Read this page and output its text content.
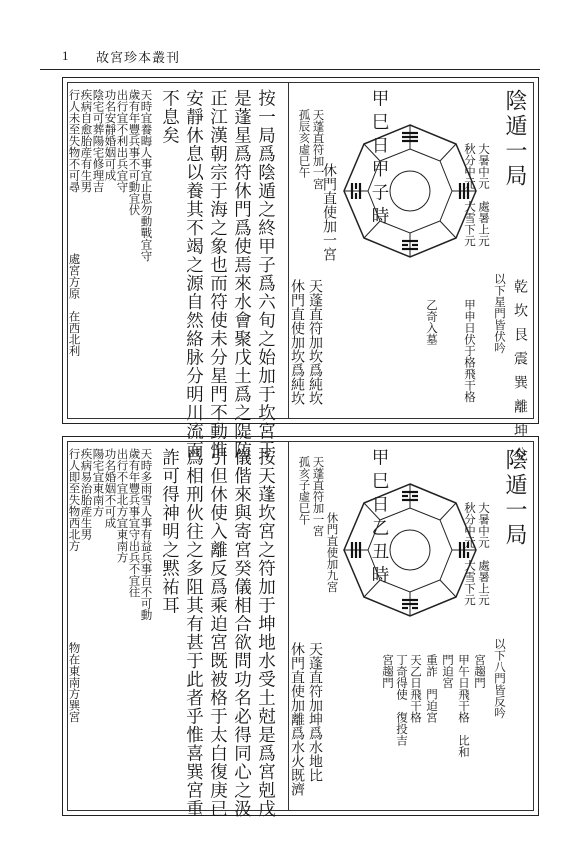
1 故宮珍本叢刊
陰遁一局
大暑中元　處暑上元
秋分中元　大雪下元
甲巳日甲子時
孤辰亥虛巳午 天蓬直符加一宮
休門直使加一宮
乾坎艮震巽離坤兌
以下星門皆伏吟
甲申日伏于格飛干格
乙奇入墓
天蓬直符加坎爲純坎
休門直使加坎爲純坎
按一局爲陰遁之終甲子爲六旬之始加于坎宮于
是蓬星爲符休門爲使焉來水會聚戊土爲之隄防
正江漢朝宗于海之象也而符使未分星門不動惟
安靜休息以養其不竭之源自然絡脉分明川流而
不息矣
天時宜養晦人事宜止息勿動戰宜守
歲有年豐兵事不可動宜伏
出行宜不利出兵宜守
功名安靜婚姻可成
陰宅可葬陽宅修理吉
疾病自愈胎産有生男
行人未至失物不可尋
處宮方原　在西北利
陰遁一局
大暑中元　處暑上元
秋分中元　大雪下元
甲巳日乙丑時
孤亥子虛巳午 天蓬直符加一宮
休門直使加九宮
以下八門皆反吟
宮趨門
甲午日飛干格　比和
門迫宮
重詐　門迫宮
天乙日飛干格
丁奇得使　復投吉
宮趨門
天蓬直符加坤爲水地比
休門直使加離爲水火既濟
按天蓬坎宮之符加于坤地水受土尅是爲宮剋戊
儀偕來與寄宮癸儀相合欲問功名必得同心之汲
引但休使入離反爲乘迫宮既被格于太白復庚已
爲相刑伙往之多阻其有甚于此者乎惟喜巽宮重
詐可得神明之黙祐耳
天時多雨雪人事有益兵事百不可動
歲有年豐兵事宜守出兵不宜往
出行不宜北方宜東南方
功名婚姻不可成
陽宅宜東南方
疾病易治胎産生男
行人即至失物西北方
物在東南方巽宮
